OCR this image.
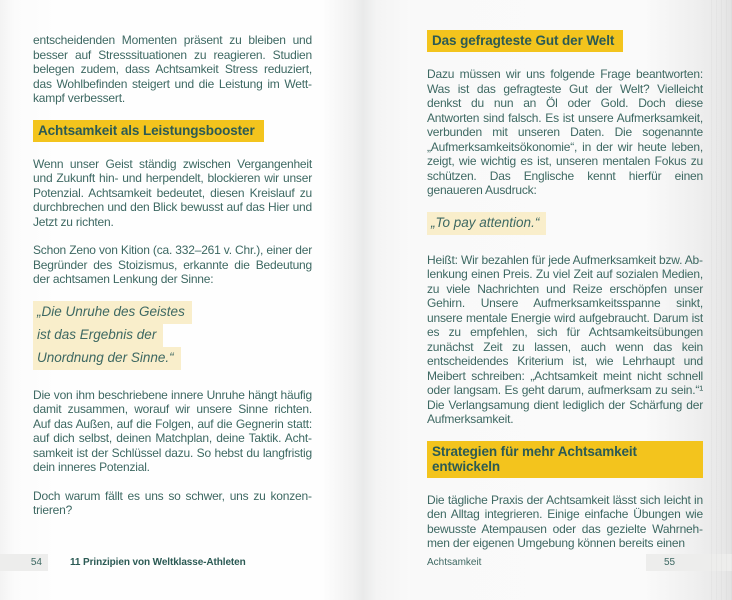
entscheidenden Momenten präsent zu bleiben und besser auf Stresssituationen zu reagieren. Studien belegen zudem, dass Achtsamkeit Stress reduziert, das Wohlbefinden steigert und die Leistung im Wettkampf verbessert.

Achtsamkeit als Leistungsbooster

Wenn unser Geist ständig zwischen Vergangenheit und Zukunft hin- und herpendelt, blockieren wir unser Potenzial. Achtsamkeit bedeutet, diesen Kreislauf zu durchbrechen und den Blick bewusst auf das Hier und Jetzt zu richten.

Schon Zeno von Kition (ca. 332–261 v. Chr.), einer der Begründer des Stoizismus, erkannte die Bedeutung der achtsamen Lenkung der Sinne:

„Die Unruhe des Geistes
ist das Ergebnis der
Unordnung der Sinne.“

Die von ihm beschriebene innere Unruhe hängt häufig damit zusammen, worauf wir unsere Sinne richten. Auf das Außen, auf die Folgen, auf die Gegnerin statt: auf dich selbst, deinen Matchplan, deine Taktik. Achtsamkeit ist der Schlüssel dazu. So hebst du langfristig dein inneres Potenzial.

Doch warum fällt es uns so schwer, uns zu konzentrieren?

Das gefragteste Gut der Welt

Dazu müssen wir uns folgende Frage beantworten: Was ist das gefragteste Gut der Welt? Vielleicht denkst du nun an Öl oder Gold. Doch diese Antworten sind falsch. Es ist unsere Aufmerksamkeit, verbunden mit unseren Daten. Die sogenannte „Aufmerksamkeitsökonomie“, in der wir heute leben, zeigt, wie wichtig es ist, unseren mentalen Fokus zu schützen. Das Englische kennt hierfür einen genaueren Ausdruck:

„To pay attention.“

Heißt: Wir bezahlen für jede Aufmerksamkeit bzw. Ablenkung einen Preis. Zu viel Zeit auf sozialen Medien, zu viele Nachrichten und Reize erschöpfen unser Gehirn. Unsere Aufmerksamkeitsspanne sinkt, unsere mentale Energie wird aufgebraucht. Darum ist es zu empfehlen, sich für Achtsamkeitsübungen zunächst Zeit zu lassen, auch wenn das kein entscheidendes Kriterium ist, wie Lehrhaupt und Meibert schreiben: „Achtsamkeit meint nicht schnell oder langsam. Es geht darum, aufmerksam zu sein.“¹ Die Verlangsamung dient lediglich der Schärfung der Aufmerksamkeit.

Strategien für mehr Achtsamkeit entwickeln

Die tägliche Praxis der Achtsamkeit lässt sich leicht in den Alltag integrieren. Einige einfache Übungen wie bewusste Atempausen oder das gezielte Wahrnehmen der eigenen Umgebung können bereits einen

54	11 Prinzipien von Weltklasse-Athleten	Achtsamkeit	55
